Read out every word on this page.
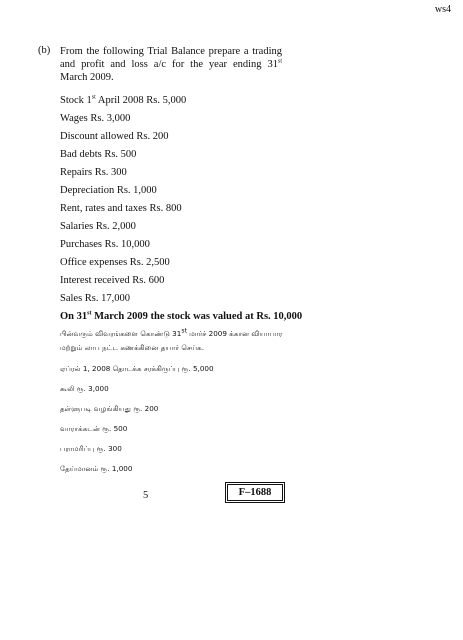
ws4
(b) From the following Trial Balance prepare a trading and profit and loss a/c for the year ending 31st March 2009.
Stock 1st April 2008 Rs. 5,000
Wages Rs. 3,000
Discount allowed Rs. 200
Bad debts Rs. 500
Repairs Rs. 300
Depreciation Rs. 1,000
Rent, rates and taxes Rs. 800
Salaries Rs. 2,000
Purchases Rs. 10,000
Office expenses Rs. 2,500
Interest received Rs. 600
Sales Rs. 17,000
On 31st March 2009 the stock was valued at Rs. 10,000
பின்வரும் விவரங்களை கொண்டு 31st மார்ச் 2009 க்கான வியாபார மற்றும் லாப நட்ட கணக்கினை தயார் செய்க.
ஏப்ரல் 1, 2008 தொடக்க சரக்கிருப்பு ரூ. 5,000
கூலி ரூ. 3,000
தள்ளுபடி வழங்கியது ரூ. 200
வாராக்கடன் ரூ. 500
பராமரிப்பு ரூ. 300
தேய்மானம் ரூ. 1,000
5	F–1688
